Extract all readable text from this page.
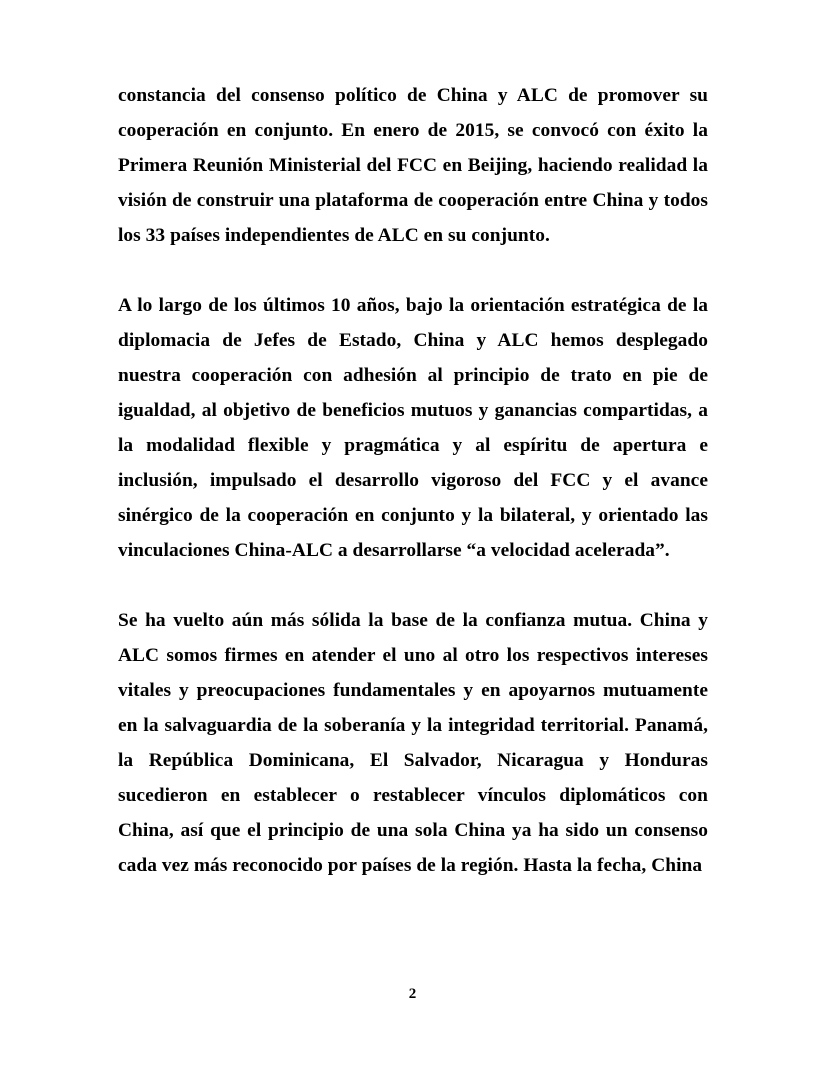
constancia del consenso político de China y ALC de promover su cooperación en conjunto. En enero de 2015, se convocó con éxito la Primera Reunión Ministerial del FCC en Beijing, haciendo realidad la visión de construir una plataforma de cooperación entre China y todos los 33 países independientes de ALC en su conjunto.

A lo largo de los últimos 10 años, bajo la orientación estratégica de la diplomacia de Jefes de Estado, China y ALC hemos desplegado nuestra cooperación con adhesión al principio de trato en pie de igualdad, al objetivo de beneficios mutuos y ganancias compartidas, a la modalidad flexible y pragmática y al espíritu de apertura e inclusión, impulsado el desarrollo vigoroso del FCC y el avance sinérgico de la cooperación en conjunto y la bilateral, y orientado las vinculaciones China-ALC a desarrollarse “a velocidad acelerada”.

Se ha vuelto aún más sólida la base de la confianza mutua. China y ALC somos firmes en atender el uno al otro los respectivos intereses vitales y preocupaciones fundamentales y en apoyarnos mutuamente en la salvaguardia de la soberanía y la integridad territorial. Panamá, la República Dominicana, El Salvador, Nicaragua y Honduras sucedieron en establecer o restablecer vínculos diplomáticos con China, así que el principio de una sola China ya ha sido un consenso cada vez más reconocido por países de la región. Hasta la fecha, China

2
